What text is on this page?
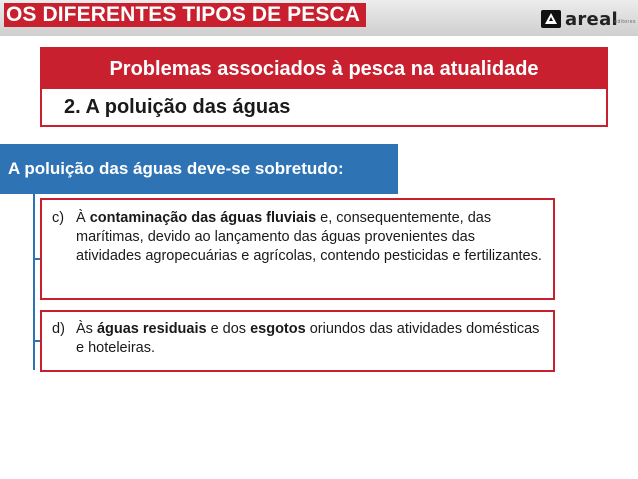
OS DIFERENTES TIPOS DE PESCA	areal
editores
Problemas associados à pesca na atualidade
2. A poluição das águas
A poluição das águas deve-se sobretudo:
c) À contaminação das águas fluviais e, consequentemente, das marítimas, devido ao lançamento das águas provenientes das atividades agropecuárias e agrícolas, contendo pesticidas e fertilizantes.
d) Às águas residuais e dos esgotos oriundos das atividades domésticas e hoteleiras.
